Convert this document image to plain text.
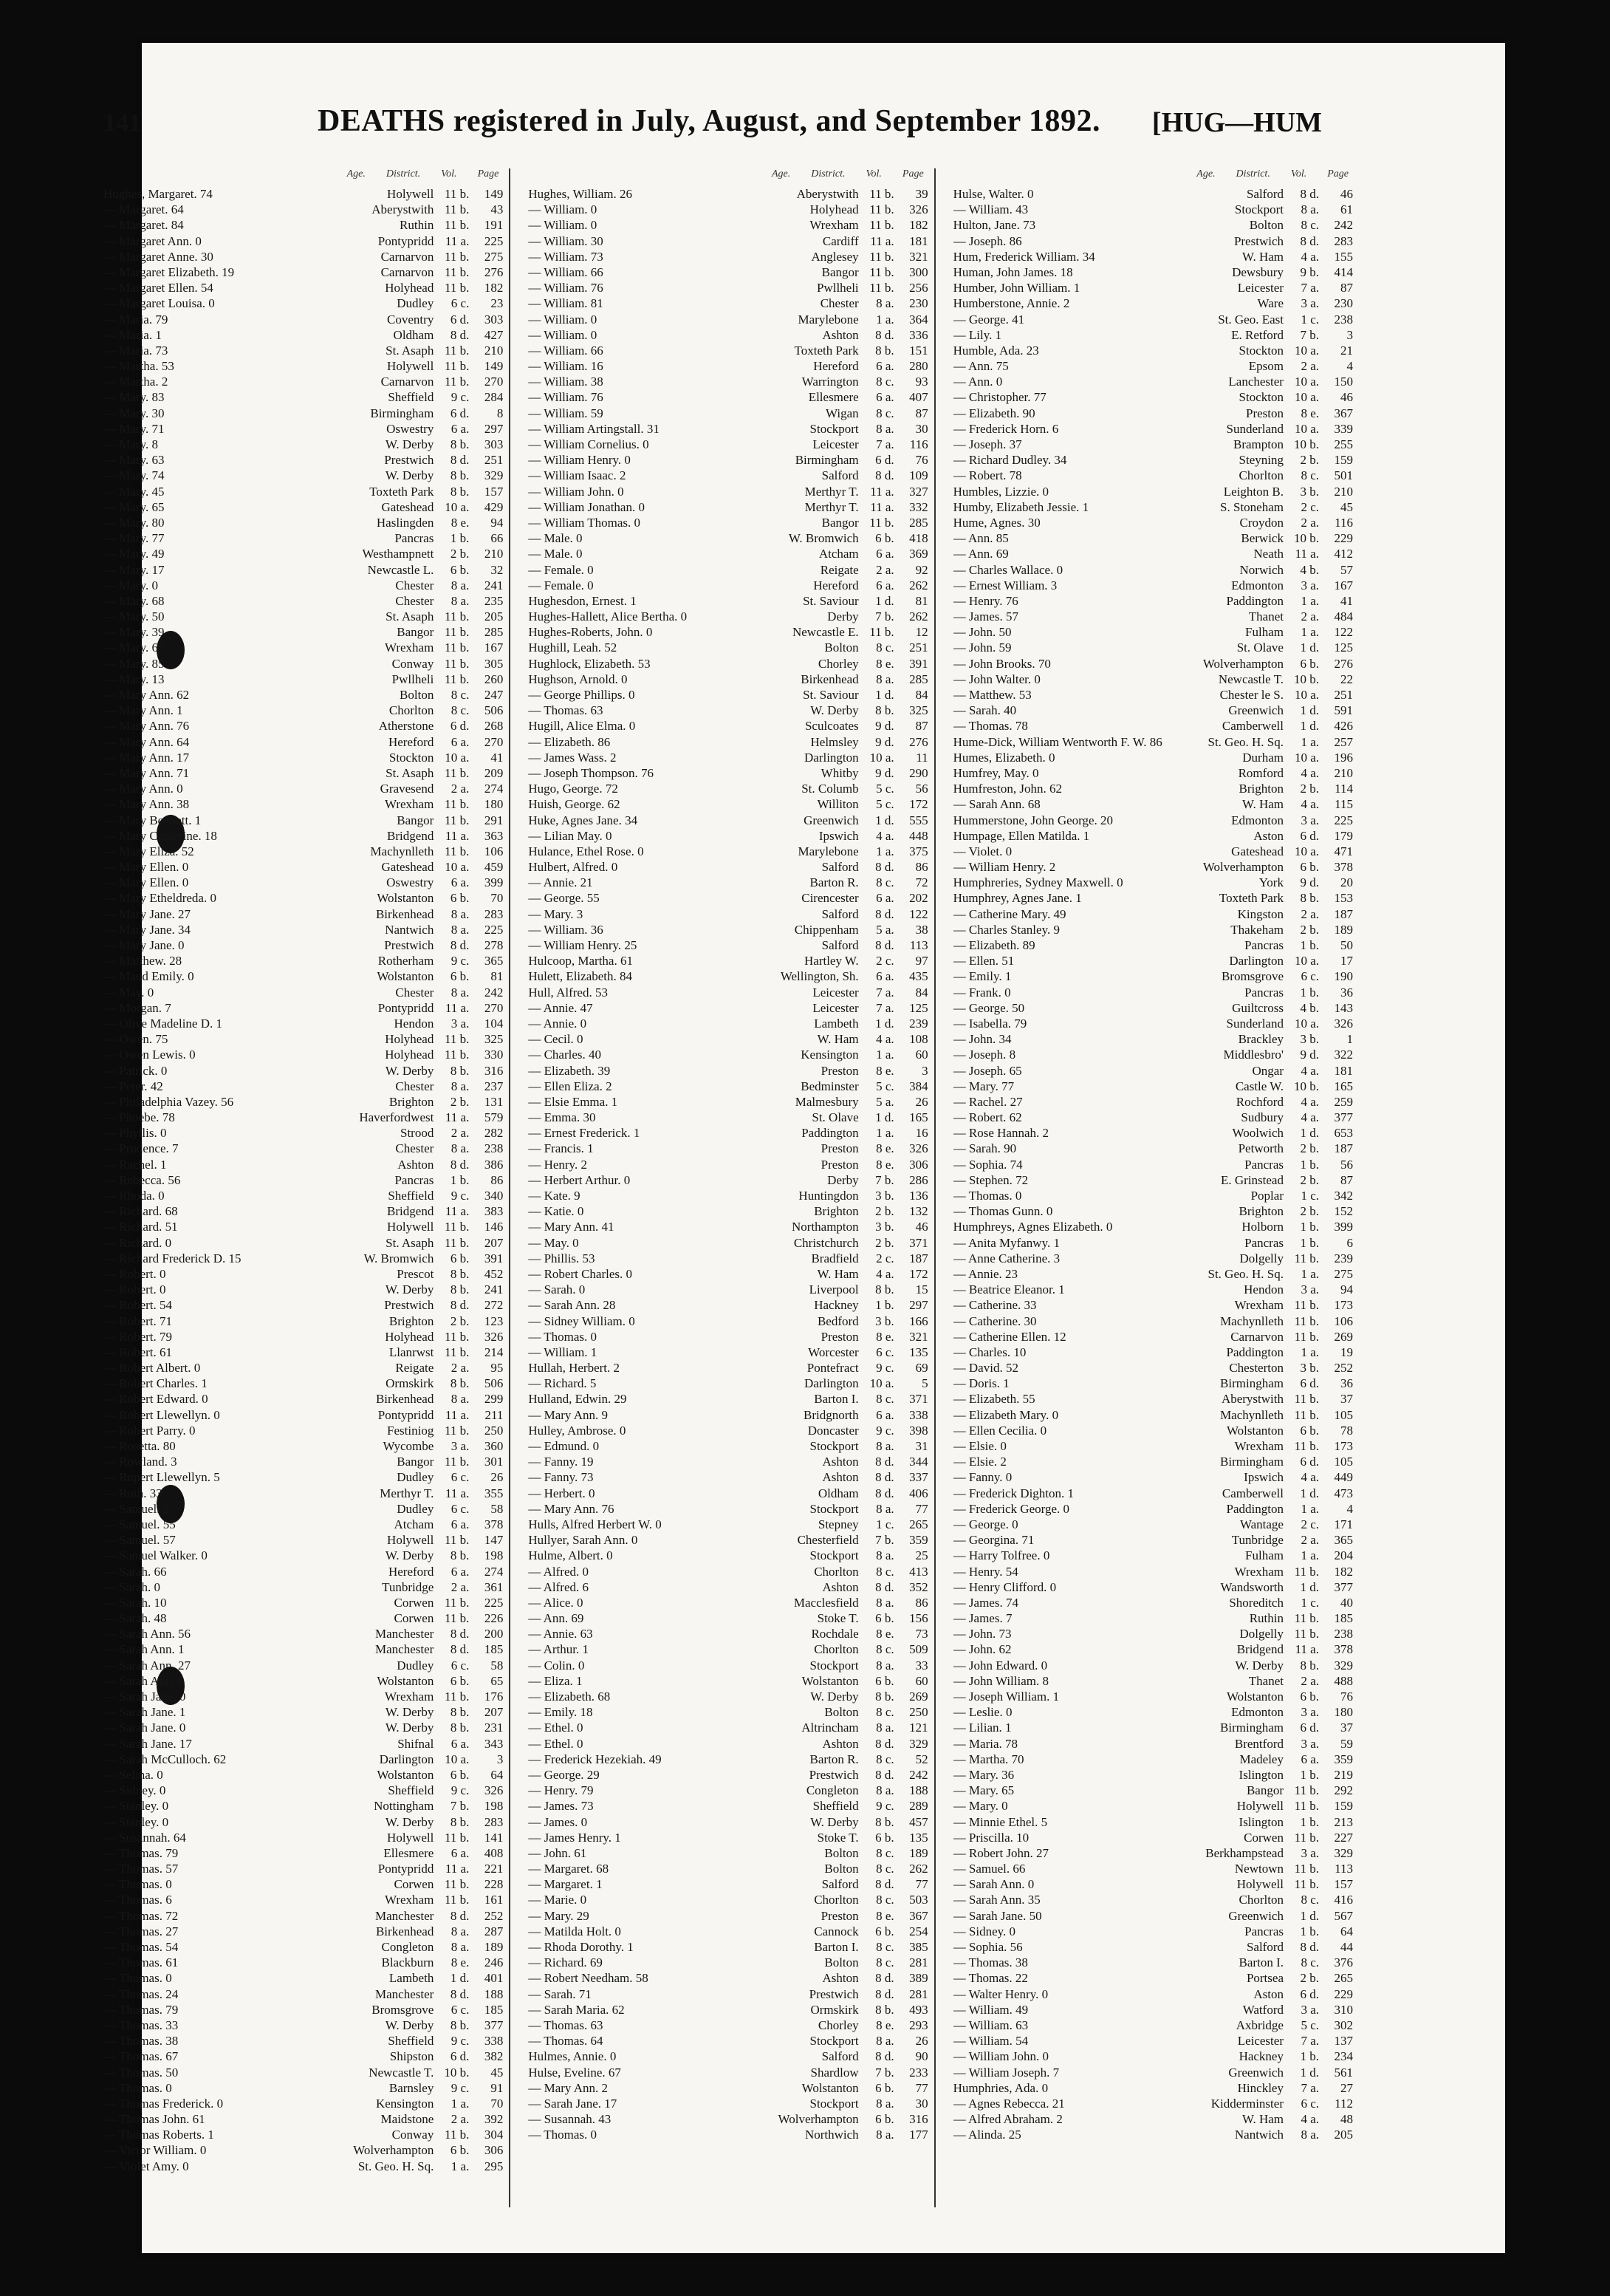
141	DEATHS registered in July, August, and September 1892. [HUG—HUM
Age. District. Vol. Page
Hughes, Margaret. 74	Holywell 11 b.	149
— Margaret. 64	Aberystwith 11 b.	43
— Margaret. 84	Ruthin 11 b.	191
— Margaret Ann. 0	Pontypridd 11 a.	225
— Margaret Anne. 30	Carnarvon 11 b.	275
— Margaret Elizabeth. 19	Carnarvon 11 b.	276
— Margaret Ellen. 54	Holyhead 11 b.	182
— Margaret Louisa. 0	Dudley	6 c.	23
— Maria. 79	Coventry	6 d.	303
— Maria. 1	Oldham	8 d.	427
— Maria. 73	St. Asaph 11 b.	210
— Martha. 53	Holywell 11 b.	149
— Martha. 2	Carnarvon 11 b.	270
— Mary. 83	Sheffield	9 c.	284
— Mary. 30	Birmingham	6 d.	8
— Mary. 71	Oswestry	6 a.	297
— Mary. 8	W. Derby	8 b.	303
— Mary. 63	Prestwich	8 d.	251
— Mary. 74	W. Derby	8 b.	329
— Mary. 45	Toxteth Park	8 b.	157
— Mary. 65	Gateshead 10 a.	429
— Mary. 80	Haslingden	8 e.	94
— Mary. 77	Pancras	1 b.	66
— Mary. 49	Westhampnett	2 b.	210
— Mary. 17	Newcastle L.	6 b.	32
— Mary. 0	Chester	8 a.	241
— Mary. 68	Chester	8 a.	235
— Mary. 50	St. Asaph 11 b.	205
— Mary. 39	Bangor 11 b.	285
— Mary. 63	Wrexham 11 b.	167
— Mary. 85	Conway 11 b.	305
— Mary. 13	Pwllheli 11 b.	260
— Mary Ann. 62	Bolton	8 c.	247
— Mary Ann. 1	Chorlton	8 c.	506
— Mary Ann. 76	Atherstone	6 d.	268
— Mary Ann. 64	Hereford	6 a.	270
— Mary Ann. 17	Stockton 10 a.	41
— Mary Ann. 71	St. Asaph 11 b.	209
— Mary Ann. 0	Gravesend	2 a.	274
— Mary Ann. 38	Wrexham 11 b.	180
— Mary Bennett. 1	Bangor 11 b.	291
— Mary Catherine. 18	Bridgend 11 a.	363
— Mary Eliza. 52	Machynlleth 11 b.	106
— Mary Ellen. 0	Gateshead 10 a.	459
— Mary Ellen. 0	Oswestry	6 a.	399
— Mary Etheldreda. 0	Wolstanton	6 b.	70
— Mary Jane. 27	Birkenhead	8 a.	283
— Mary Jane. 34	Nantwich	8 a.	225
— Mary Jane. 0	Prestwich	8 d.	278
— Matthew. 28	Rotherham	9 c.	365
— Maud Emily. 0	Wolstanton	6 b.	81
— May. 0	Chester	8 a.	242
— Morgan. 7	Pontypridd 11 a.	270
— Olive Madeline D. 1	Hendon	3 a.	104
— Owen. 75	Holyhead 11 b.	325
— Owen Lewis. 0	Holyhead 11 b.	330
— Patrick. 0	W. Derby	8 b.	316
— Peter. 42	Chester	8 a.	237
— Philadelphia Vazey. 56	Brighton	2 b.	131
— Phoebe. 78	Haverfordwest 11 a.	579
— Phyllis. 0	Strood	2 a.	282
— Prudence. 7	Chester	8 a.	238
— Rachel. 1	Ashton	8 d.	386
— Rebecca. 56	Pancras	1 b.	86
— Rhoda. 0	Sheffield	9 c.	340
— Richard. 68	Bridgend 11 a.	383
— Richard. 51	Holywell 11 b.	146
— Richard. 0	St. Asaph 11 b.	207
— Richard Frederick D. 15	W. Bromwich	6 b.	391
— Robert. 0	Prescot	8 b.	452
— Robert. 0	W. Derby	8 b.	241
— Robert. 54	Prestwich	8 d.	272
— Robert. 71	Brighton	2 b.	123
— Robert. 79	Holyhead 11 b.	326
— Robert. 61	Llanrwst 11 b.	214
— Robert Albert. 0	Reigate	2 a.	95
— Robert Charles. 1	Ormskirk	8 b.	506
— Robert Edward. 0	Birkenhead	8 a.	299
— Robert Llewellyn. 0	Pontypridd 11 a.	211
— Robert Parry. 0	Festiniog 11 b.	250
— Rosetta. 80	Wycombe	3 a.	360
— Rowland. 3	Bangor 11 b.	301
— Rupert Llewellyn. 5	Dudley	6 c.	26
— Ruth. 33	Merthyr T. 11 a.	355
— Samuel. 2	Dudley	6 c.	58
— Samuel. 55	Atcham	6 a.	378
— Samuel. 57	Holywell 11 b.	147
— Samuel Walker. 0	W. Derby	8 b.	198
— Sarah. 66	Hereford	6 a.	274
— Sarah. 0	Tunbridge	2 a.	361
— Sarah. 10	Corwen 11 b.	225
— Sarah. 48	Corwen 11 b.	226
— Sarah Ann. 56	Manchester	8 d.	200
— Sarah Ann. 1	Manchester	8 d.	185
— Sarah Ann. 27	Dudley	6 c.	58
— Sarah Ann. 0	Wolstanton	6 b.	65
— Sarah Jane. 0	Wrexham 11 b.	176
— Sarah Jane. 1	W. Derby	8 b.	207
— Sarah Jane. 0	W. Derby	8 b.	231
— Sarah Jane. 17	Shifnal	6 a.	343
— Sarah McCulloch. 62	Darlington 10 a.	3
— Selina. 0	Wolstanton	6 b.	64
— Sidney. 0	Sheffield	9 c.	326
— Stanley. 0	Nottingham	7 b.	198
— Stanley. 0	W. Derby	8 b.	283
— Susannah. 64	Holywell 11 b.	141
— Thomas. 79	Ellesmere	6 a.	408
— Thomas. 57	Pontypridd 11 a.	221
— Thomas. 0	Corwen 11 b.	228
— Thomas. 6	Wrexham 11 b.	161
— Thomas. 72	Manchester	8 d.	252
— Thomas. 27	Birkenhead	8 a.	287
— Thomas. 54	Congleton	8 a.	189
— Thomas. 61	Blackburn	8 e.	246
— Thomas. 0	Lambeth	1 d.	401
— Thomas. 24	Manchester	8 d.	188
— Thomas. 79	Bromsgrove	6 c.	185
— Thomas. 33	W. Derby	8 b.	377
— Thomas. 38	Sheffield	9 c.	338
— Thomas. 67	Shipston	6 d.	382
— Thomas. 50	Newcastle T. 10 b.	45
— Thomas. 0	Barnsley	9 c.	91
— Thomas Frederick. 0	Kensington	1 a.	70
— Thomas John. 61	Maidstone	2 a.	392
— Thomas Roberts. 1	Conway 11 b.	304
— Victor William. 0	Wolverhampton	6 b.	306
— Violet Amy. 0	St. Geo. H. Sq.	1 a.	295
Age. District. Vol. Page
Hughes, William. 26	Aberystwith 11 b.	39
— William. 0	Holyhead 11 b.	326
— William. 0	Wrexham 11 b.	182
— William. 30	Cardiff 11 a.	181
— William. 73	Anglesey 11 b.	321
— William. 66	Bangor 11 b.	300
— William. 76	Pwllheli 11 b.	256
— William. 81	Chester	8 a.	230
— William. 0	Marylebone	1 a.	364
— William. 0	Ashton	8 d.	336
— William. 66	Toxteth Park	8 b.	151
— William. 16	Hereford	6 a.	280
— William. 38	Warrington	8 c.	93
— William. 76	Ellesmere	6 a.	407
— William. 59	Wigan	8 c.	87
— William Artingstall. 31	Stockport	8 a.	30
— William Cornelius. 0	Leicester	7 a.	116
— William Henry. 0	Birmingham	6 d.	76
— William Isaac. 2	Salford	8 d.	109
— William John. 0	Merthyr T. 11 a.	327
— William Jonathan. 0	Merthyr T. 11 a.	332
— William Thomas. 0	Bangor 11 b.	285
— Male. 0	W. Bromwich	6 b.	418
— Male. 0	Atcham	6 a.	369
— Female. 0	Reigate	2 a.	92
— Female. 0	Hereford	6 a.	262
Hughesdon, Ernest. 1	St. Saviour	1 d.	81
Hughes-Hallett, Alice Bertha. 0	Derby	7 b.	262
Hughes-Roberts, John. 0	Newcastle E. 11 b.	12
Hughill, Leah. 52	Bolton	8 c.	251
Hughlock, Elizabeth. 53	Chorley	8 e.	391
Hughson, Arnold. 0	Birkenhead	8 a.	285
— George Phillips. 0	St. Saviour	1 d.	84
— Thomas. 63	W. Derby	8 b.	325
Hugill, Alice Elma. 0	Sculcoates	9 d.	87
— Elizabeth. 86	Helmsley	9 d.	276
— James Wass. 2	Darlington 10 a.	11
— Joseph Thompson. 76	Whitby	9 d.	290
Hugo, George. 72	St. Columb	5 c.	56
Huish, George. 62	Williton	5 c.	172
Huke, Agnes Jane. 34	Greenwich	1 d.	555
— Lilian May. 0	Ipswich	4 a.	448
Hulance, Ethel Rose. 0	Marylebone	1 a.	375
Hulbert, Alfred. 0	Salford	8 d.	86
— Annie. 21	Barton R.	8 c.	72
— George. 55	Cirencester	6 a.	202
— Mary. 3	Salford	8 d.	122
— William. 36	Chippenham	5 a.	38
— William Henry. 25	Salford	8 d.	113
Hulcoop, Martha. 61	Hartley W.	2 c.	97
Hulett, Elizabeth. 84	Wellington, Sh.	6 a.	435
Hull, Alfred. 53	Leicester	7 a.	84
— Annie. 47	Leicester	7 a.	125
— Annie. 0	Lambeth	1 d.	239
— Cecil. 0	W. Ham	4 a.	108
— Charles. 40	Kensington	1 a.	60
— Elizabeth. 39	Preston	8 e.	3
— Ellen Eliza. 2	Bedminster	5 c.	384
— Elsie Emma. 1	Malmesbury	5 a.	26
— Emma. 30	St. Olave	1 d.	165
— Ernest Frederick. 1	Paddington	1 a.	16
— Francis. 1	Preston	8 e.	326
— Henry. 2	Preston	8 e.	306
— Herbert Arthur. 0	Derby	7 b.	286
— Kate. 9	Huntingdon	3 b.	136
— Katie. 0	Brighton	2 b.	132
— Mary Ann. 41	Northampton	3 b.	46
— May. 0	Christchurch	2 b.	371
— Phillis. 53	Bradfield	2 c.	187
— Robert Charles. 0	W. Ham	4 a.	172
— Sarah. 0	Liverpool	8 b.	15
— Sarah Ann. 28	Hackney	1 b.	297
— Sidney William. 0	Bedford	3 b.	166
— Thomas. 0	Preston	8 e.	321
— William. 1	Worcester	6 c.	135
Hullah, Herbert. 2	Pontefract	9 c.	69
— Richard. 5	Darlington 10 a.	5
Hulland, Edwin. 29	Barton I.	8 c.	371
— Mary Ann. 9	Bridgnorth	6 a.	338
Hulley, Ambrose. 0	Doncaster	9 c.	398
— Edmund. 0	Stockport	8 a.	31
— Fanny. 19	Ashton	8 d.	344
— Fanny. 73	Ashton	8 d.	337
— Herbert. 0	Oldham	8 d.	406
— Mary Ann. 76	Stockport	8 a.	77
Hulls, Alfred Herbert W. 0	Stepney	1 c.	265
Hullyer, Sarah Ann. 0	Chesterfield	7 b.	359
Hulme, Albert. 0	Stockport	8 a.	25
— Alfred. 0	Chorlton	8 c.	413
— Alfred. 6	Ashton	8 d.	352
— Alice. 0	Macclesfield	8 a.	86
— Ann. 69	Stoke T.	6 b.	156
— Annie. 63	Rochdale	8 e.	73
— Arthur. 1	Chorlton	8 c.	509
— Colin. 0	Stockport	8 a.	33
— Eliza. 1	Wolstanton	6 b.	60
— Elizabeth. 68	W. Derby	8 b.	269
— Emily. 18	Bolton	8 c.	250
— Ethel. 0	Altrincham	8 a.	121
— Ethel. 0	Ashton	8 d.	329
— Frederick Hezekiah. 49	Barton R.	8 c.	52
— George. 29	Prestwich	8 d.	242
— Henry. 79	Congleton	8 a.	188
— James. 73	Sheffield	9 c.	289
— James. 0	W. Derby	8 b.	457
— James Henry. 1	Stoke T.	6 b.	135
— John. 61	Bolton	8 c.	189
— Margaret. 68	Bolton	8 c.	262
— Margaret. 1	Salford	8 d.	77
— Marie. 0	Chorlton	8 c.	503
— Mary. 29	Preston	8 e.	367
— Matilda Holt. 0	Cannock	6 b.	254
— Rhoda Dorothy. 1	Barton I.	8 c.	385
— Richard. 69	Bolton	8 c.	281
— Robert Needham. 58	Ashton	8 d.	389
— Sarah. 71	Prestwich	8 d.	281
— Sarah Maria. 62	Ormskirk	8 b.	493
— Thomas. 63	Chorley	8 e.	293
— Thomas. 64	Stockport	8 a.	26
Hulmes, Annie. 0	Salford	8 d.	90
Hulse, Eveline. 67	Shardlow	7 b.	233
— Mary Ann. 2	Wolstanton	6 b.	77
— Sarah Jane. 17	Stockport	8 a.	30
— Susannah. 43	Wolverhampton	6 b.	316
— Thomas. 0	Northwich	8 a.	177
Age. District. Vol. Page
Hulse, Walter. 0	Salford	8 d.	46
— William. 43	Stockport	8 a.	61
Hulton, Jane. 73	Bolton	8 c.	242
— Joseph. 86	Prestwich	8 d.	283
Hum, Frederick William. 34	W. Ham	4 a.	155
Human, John James. 18	Dewsbury	9 b.	414
Humber, John William. 1	Leicester	7 a.	87
Humberstone, Annie. 2	Ware	3 a.	230
— George. 41	St. Geo. East	1 c.	238
— Lily. 1	E. Retford	7 b.	3
Humble, Ada. 23	Stockton 10 a.	21
— Ann. 75	Epsom	2 a.	4
— Ann. 0	Lanchester 10 a.	150
— Christopher. 77	Stockton 10 a.	46
— Elizabeth. 90	Preston	8 e.	367
— Frederick Horn. 6	Sunderland 10 a.	339
— Joseph. 37	Brampton 10 b.	255
— Richard Dudley. 34	Steyning	2 b.	159
— Robert. 78	Chorlton	8 c.	501
Humbles, Lizzie. 0	Leighton B.	3 b.	210
Humby, Elizabeth Jessie. 1	S. Stoneham	2 c.	45
Hume, Agnes. 30	Croydon	2 a.	116
— Ann. 85	Berwick 10 b.	229
— Ann. 69	Neath 11 a.	412
— Charles Wallace. 0	Norwich	4 b.	57
— Ernest William. 3	Edmonton	3 a.	167
— Henry. 76	Paddington	1 a.	41
— James. 57	Thanet	2 a.	484
— John. 50	Fulham	1 a.	122
— John. 59	St. Olave	1 d.	125
— John Brooks. 70	Wolverhampton	6 b.	276
— John Walter. 0	Newcastle T. 10 b.	22
— Matthew. 53	Chester le S. 10 a.	251
— Sarah. 40	Greenwich	1 d.	591
— Thomas. 78	Camberwell	1 d.	426
Hume-Dick, William Wentworth F. W. 86	St. Geo. H. Sq.	1 a.	257
Humes, Elizabeth. 0	Durham 10 a.	196
Humfrey, May. 0	Romford	4 a.	210
Humfreston, John. 62	Brighton	2 b.	114
— Sarah Ann. 68	W. Ham	4 a.	115
Hummerstone, John George. 20	Edmonton	3 a.	225
Humpage, Ellen Matilda. 1	Aston	6 d.	179
— Violet. 0	Gateshead 10 a.	471
— William Henry. 2	Wolverhampton	6 b.	378
Humphreries, Sydney Maxwell. 0	York	9 d.	20
Humphrey, Agnes Jane. 1	Toxteth Park	8 b.	153
— Catherine Mary. 49	Kingston	2 a.	187
— Charles Stanley. 9	Thakeham	2 b.	189
— Elizabeth. 89	Pancras	1 b.	50
— Ellen. 51	Darlington 10 a.	17
— Emily. 1	Bromsgrove	6 c.	190
— Frank. 0	Pancras	1 b.	36
— George. 50	Guiltcross	4 b.	143
— Isabella. 79	Sunderland 10 a.	326
— John. 34	Brackley	3 b.	1
— Joseph. 8	Middlesbro'	9 d.	322
— Joseph. 65	Ongar	4 a.	181
— Mary. 77	Castle W. 10 b.	165
— Rachel. 27	Rochford	4 a.	259
— Robert. 62	Sudbury	4 a.	377
— Rose Hannah. 2	Woolwich	1 d.	653
— Sarah. 90	Petworth	2 b.	187
— Sophia. 74	Pancras	1 b.	56
— Stephen. 72	E. Grinstead	2 b.	87
— Thomas. 0	Poplar	1 c.	342
— Thomas Gunn. 0	Brighton	2 b.	152
Humphreys, Agnes Elizabeth. 0	Holborn	1 b.	399
— Anita Myfanwy. 1	Pancras	1 b.	6
— Anne Catherine. 3	Dolgelly 11 b.	239
— Annie. 23	St. Geo. H. Sq.	1 a.	275
— Beatrice Eleanor. 1	Hendon	3 a.	94
— Catherine. 33	Wrexham 11 b.	173
— Catherine. 30	Machynlleth 11 b.	106
— Catherine Ellen. 12	Carnarvon 11 b.	269
— Charles. 10	Paddington	1 a.	19
— David. 52	Chesterton	3 b.	252
— Doris. 1	Birmingham	6 d.	36
— Elizabeth. 55	Aberystwith 11 b.	37
— Elizabeth Mary. 0	Machynlleth 11 b.	105
— Ellen Cecilia. 0	Wolstanton	6 b.	78
— Elsie. 0	Wrexham 11 b.	173
— Elsie. 2	Birmingham	6 d.	105
— Fanny. 0	Ipswich	4 a.	449
— Frederick Dighton. 1	Camberwell	1 d.	473
— Frederick George. 0	Paddington	1 a.	4
— George. 0	Wantage	2 c.	171
— Georgina. 71	Tunbridge	2 a.	365
— Harry Tolfree. 0	Fulham	1 a.	204
— Henry. 54	Wrexham 11 b.	182
— Henry Clifford. 0	Wandsworth	1 d.	377
— James. 74	Shoreditch	1 c.	40
— James. 7	Ruthin 11 b.	185
— John. 73	Dolgelly 11 b.	238
— John. 62	Bridgend 11 a.	378
— John Edward. 0	W. Derby	8 b.	329
— John William. 8	Thanet	2 a.	488
— Joseph William. 1	Wolstanton	6 b.	76
— Leslie. 0	Edmonton	3 a.	180
— Lilian. 1	Birmingham	6 d.	37
— Maria. 78	Brentford	3 a.	59
— Martha. 70	Madeley	6 a.	359
— Mary. 36	Islington	1 b.	219
— Mary. 65	Bangor 11 b.	292
— Mary. 0	Holywell 11 b.	159
— Minnie Ethel. 5	Islington	1 b.	213
— Priscilla. 10	Corwen 11 b.	227
— Robert John. 27	Berkhampstead	3 a.	329
— Samuel. 66	Newtown 11 b.	113
— Sarah Ann. 0	Holywell 11 b.	157
— Sarah Ann. 35	Chorlton	8 c.	416
— Sarah Jane. 50	Greenwich	1 d.	567
— Sidney. 0	Pancras	1 b.	64
— Sophia. 56	Salford	8 d.	44
— Thomas. 38	Barton I.	8 c.	376
— Thomas. 22	Portsea	2 b.	265
— Walter Henry. 0	Aston	6 d.	229
— William. 49	Watford	3 a.	310
— William. 63	Axbridge	5 c.	302
— William. 54	Leicester	7 a.	137
— William John. 0	Hackney	1 b.	234
— William Joseph. 7	Greenwich	1 d.	561
Humphries, Ada. 0	Hinckley	7 a.	27
— Agnes Rebecca. 21	Kidderminster	6 c.	112
— Alfred Abraham. 2	W. Ham	4 a.	48
— Alinda. 25	Nantwich	8 a.	205
